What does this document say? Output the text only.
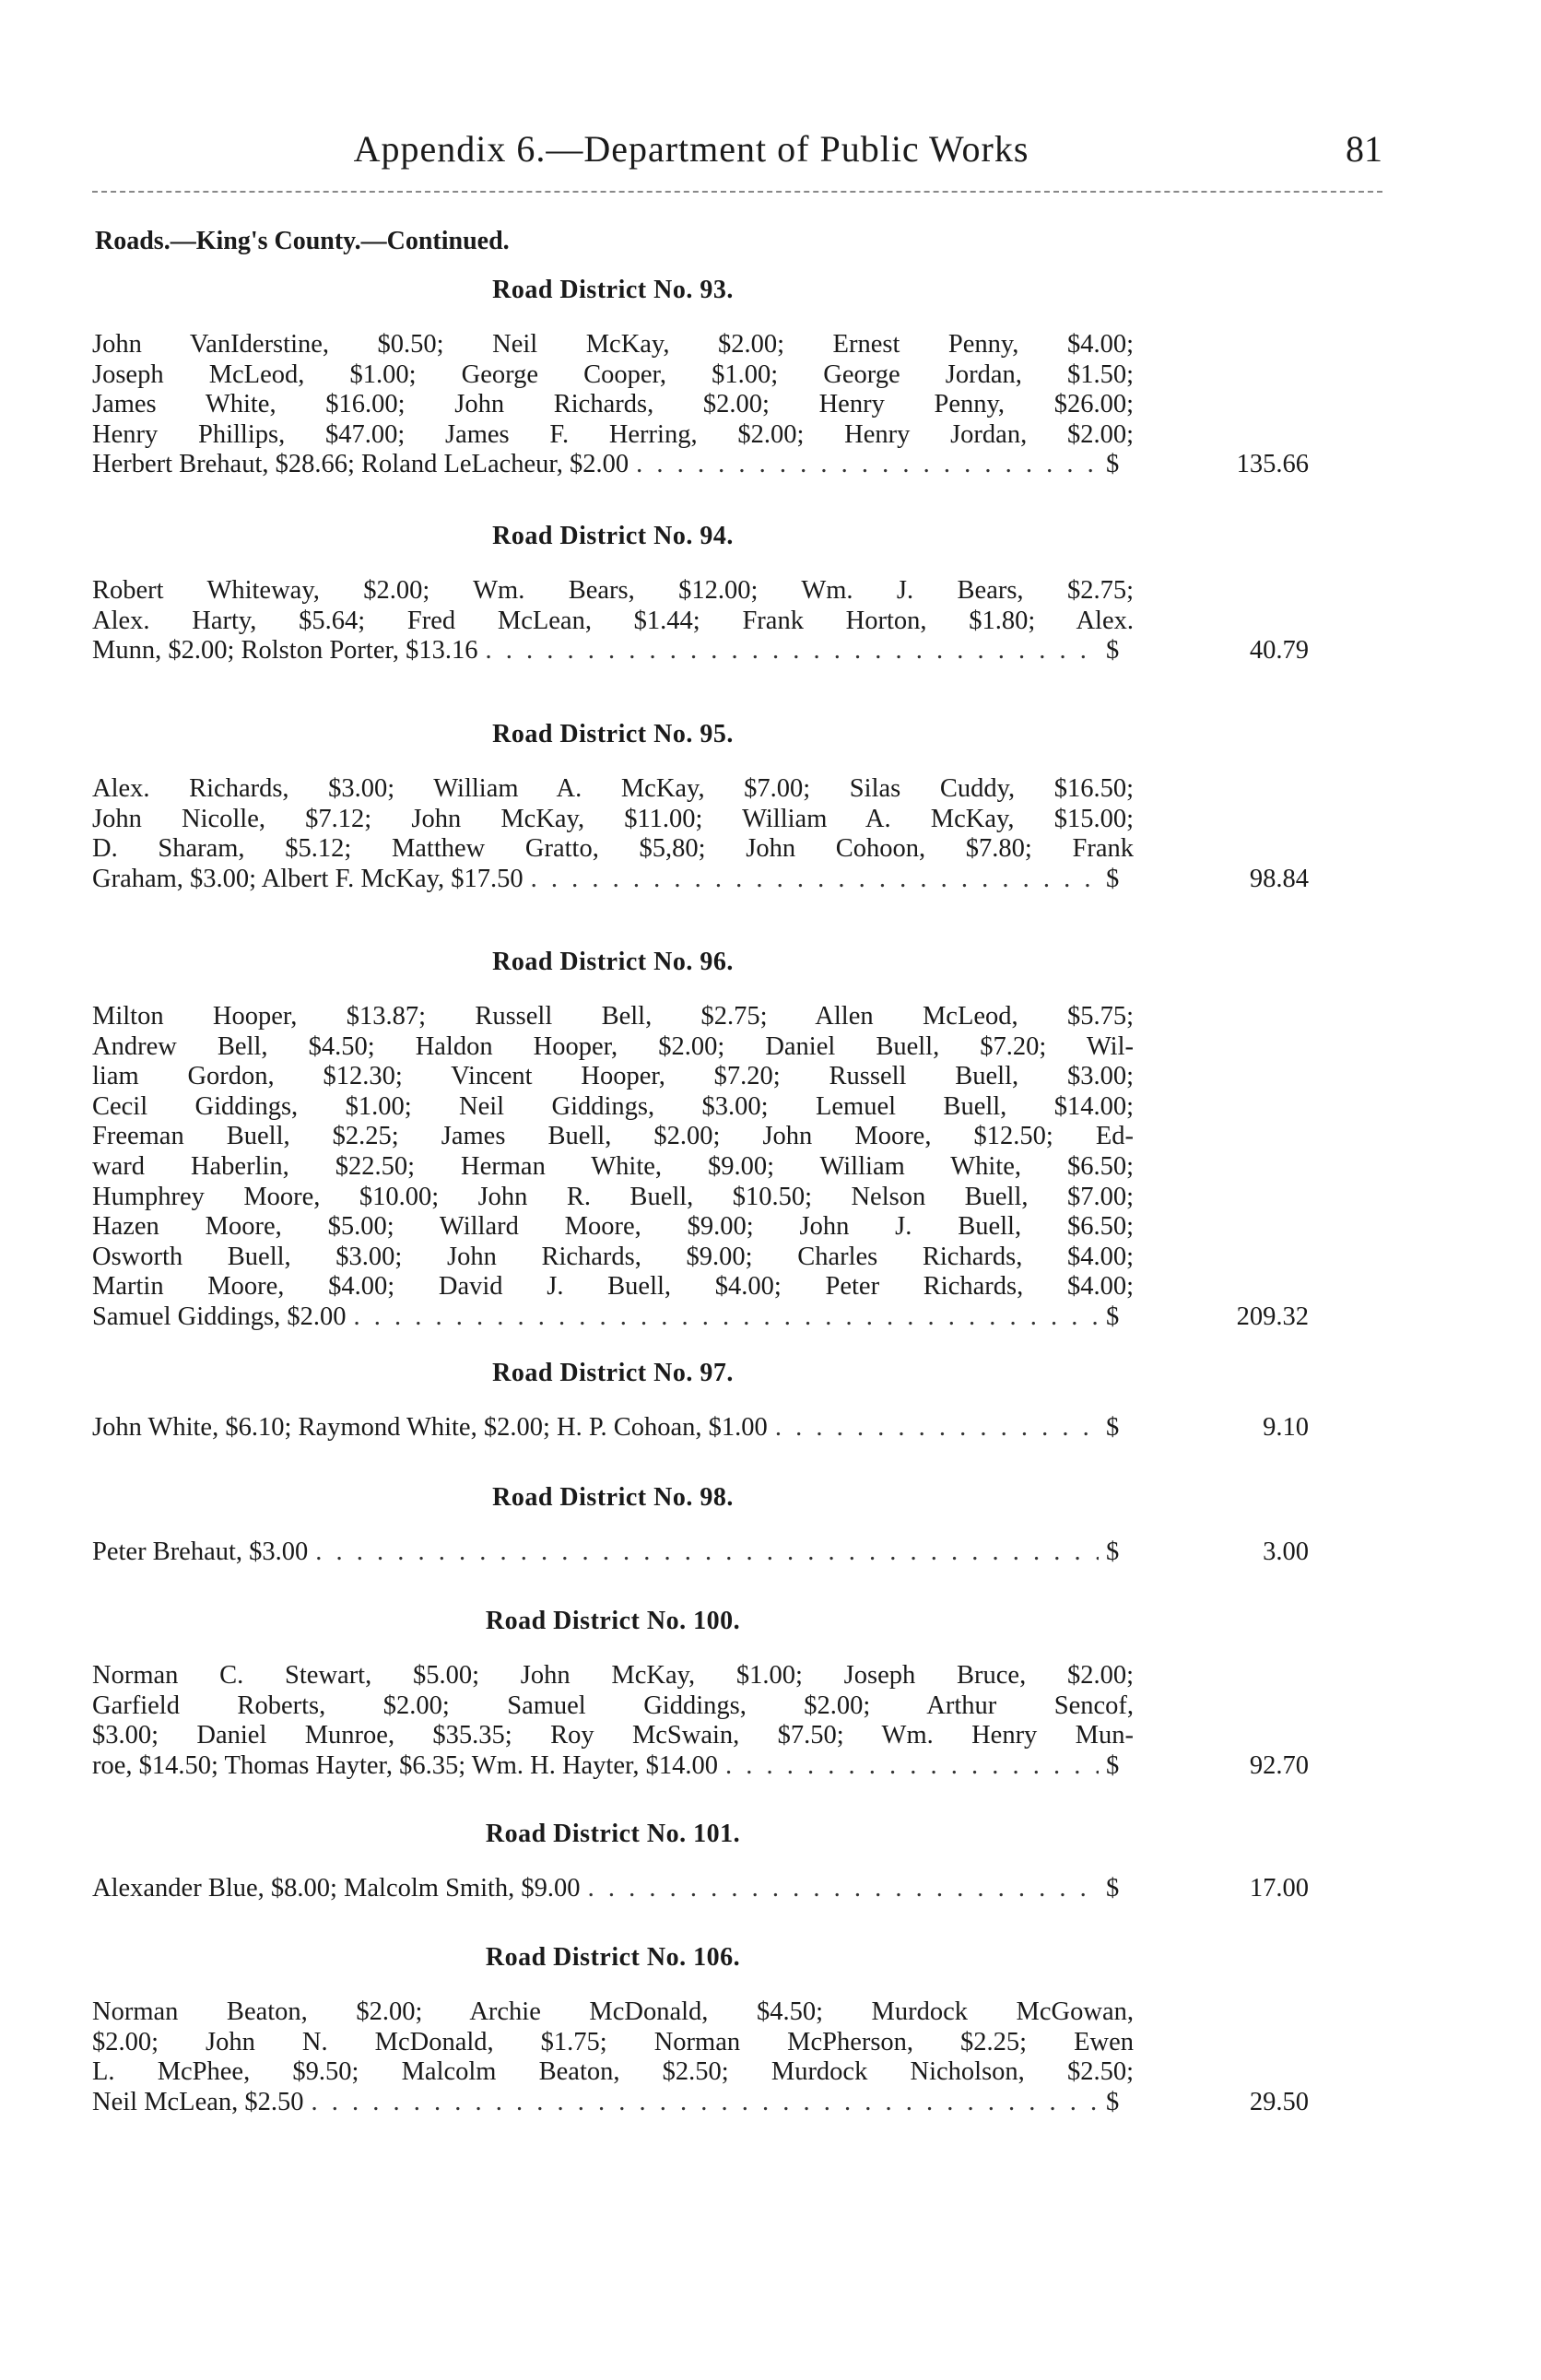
Appendix 6.—Department of Public Works	81
Roads.—King's County.—Continued.
Road District No. 93.
John VanIderstine, $0.50; Neil McKay, $2.00; Ernest Penny, $4.00;
Joseph McLeod, $1.00; George Cooper, $1.00; George Jordan, $1.50;
James White, $16.00; John Richards, $2.00; Henry Penny, $26.00;
Henry Phillips, $47.00; James F. Herring, $2.00; Henry Jordan, $2.00;
Herbert Brehaut, $28.66; Roland LeLacheur, $2.00 . . .	$	135.66
Road District No. 94.
Robert Whiteway, $2.00; Wm. Bears, $12.00; Wm. J. Bears, $2.75;
Alex. Harty, $5.64; Fred McLean, $1.44; Frank Horton, $1.80; Alex.
Munn, $2.00; Rolston Porter, $13.16 . . .	$	40.79
Road District No. 95.
Alex. Richards, $3.00; William A. McKay, $7.00; Silas Cuddy, $16.50;
John Nicolle, $7.12; John McKay, $11.00; William A. McKay, $15.00;
D. Sharam, $5.12; Matthew Gratto, $5,80; John Cohoon, $7.80; Frank
Graham, $3.00; Albert F. McKay, $17.50 . . .	$	98.84
Road District No. 96.
Milton Hooper, $13.87; Russell Bell, $2.75; Allen McLeod, $5.75;
Andrew Bell, $4.50; Haldon Hooper, $2.00; Daniel Buell, $7.20; Wil-
liam Gordon, $12.30; Vincent Hooper, $7.20; Russell Buell, $3.00;
Cecil Giddings, $1.00; Neil Giddings, $3.00; Lemuel Buell, $14.00;
Freeman Buell, $2.25; James Buell, $2.00; John Moore, $12.50; Ed-
ward Haberlin, $22.50; Herman White, $9.00; William White, $6.50;
Humphrey Moore, $10.00; John R. Buell, $10.50; Nelson Buell, $7.00;
Hazen Moore, $5.00; Willard Moore, $9.00; John J. Buell, $6.50;
Osworth Buell, $3.00; John Richards, $9.00; Charles Richards, $4.00;
Martin Moore, $4.00; David J. Buell, $4.00; Peter Richards, $4.00;
Samuel Giddings, $2.00 . . .	$	209.32
Road District No. 97.
John White, $6.10; Raymond White, $2.00; H. P. Cohoan, $1.00 . . .	$	9.10
Road District No. 98.
Peter Brehaut, $3.00 . . .	$	3.00
Road District No. 100.
Norman C. Stewart, $5.00; John McKay, $1.00; Joseph Bruce, $2.00;
Garfield Roberts, $2.00; Samuel Giddings, $2.00; Arthur Sencof,
$3.00; Daniel Munroe, $35.35; Roy McSwain, $7.50; Wm. Henry Mun-
roe, $14.50; Thomas Hayter, $6.35; Wm. H. Hayter, $14.00 . . .	$	92.70
Road District No. 101.
Alexander Blue, $8.00; Malcolm Smith, $9.00 . . .	$	17.00
Road District No. 106.
Norman Beaton, $2.00; Archie McDonald, $4.50; Murdock McGowan,
$2.00; John N. McDonald, $1.75; Norman McPherson, $2.25; Ewen
L. McPhee, $9.50; Malcolm Beaton, $2.50; Murdock Nicholson, $2.50;
Neil McLean, $2.50 . . .	$	29.50
